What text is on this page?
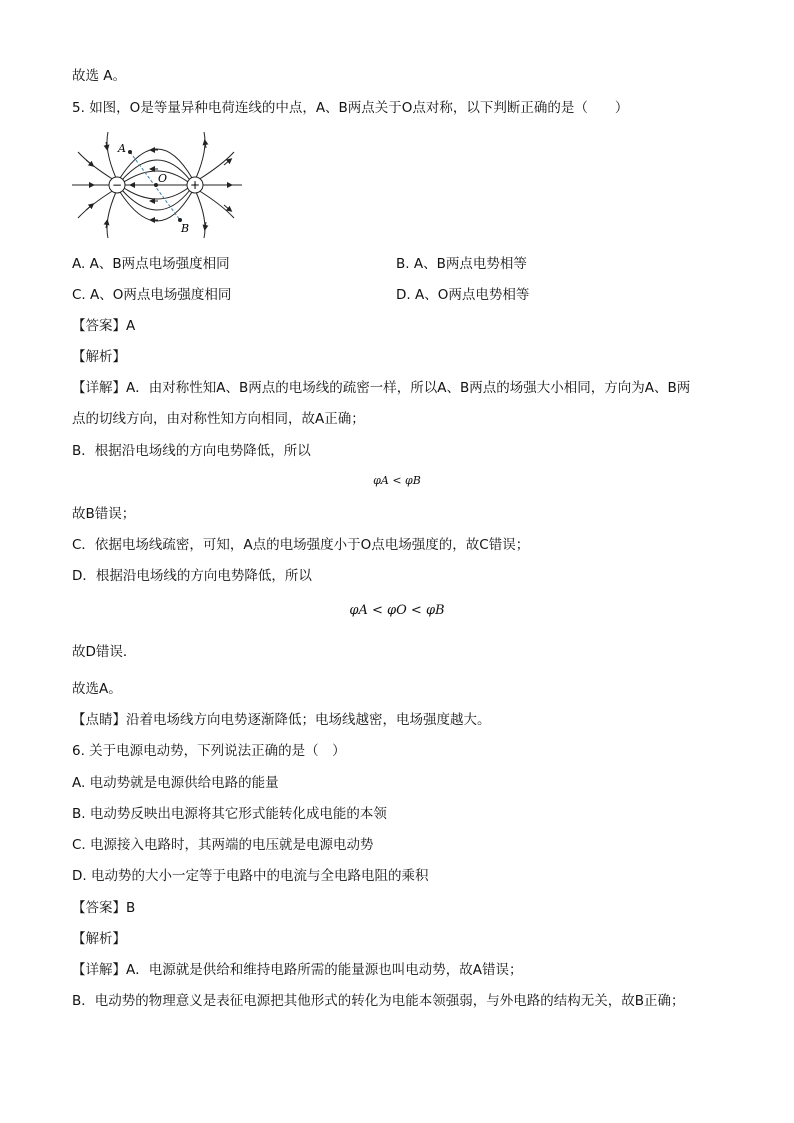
故选 A。
5. 如图，O是等量异种电荷连线的中点，A、B两点关于O点对称，以下判断正确的是（　　）
−	+
A
O
B
A. A、B两点电场强度相同	B. A、B两点电势相等
C. A、O两点电场强度相同	D. A、O两点电势相等
【答案】A
【解析】
【详解】A．由对称性知A、B两点的电场线的疏密一样，所以A、B两点的场强大小相同，方向为A、B两
点的切线方向，由对称性知方向相同，故A正确；
B．根据沿电场线的方向电势降低，所以
φA < φB
故B错误；
C．依据电场线疏密，可知，A点的电场强度小于O点电场强度的，故C错误；
D．根据沿电场线的方向电势降低，所以
φA < φO < φB
故D错误．
故选A。
【点睛】沿着电场线方向电势逐渐降低；电场线越密，电场强度越大。
6. 关于电源电动势，下列说法正确的是（　）
A. 电动势就是电源供给电路的能量
B. 电动势反映出电源将其它形式能转化成电能的本领
C. 电源接入电路时，其两端的电压就是电源电动势
D. 电动势的大小一定等于电路中的电流与全电路电阻的乘积
【答案】B
【解析】
【详解】A．电源就是供给和维持电路所需的能量源也叫电动势，故A错误；
B．电动势的物理意义是表征电源把其他形式的转化为电能本领强弱，与外电路的结构无关，故B正确；
